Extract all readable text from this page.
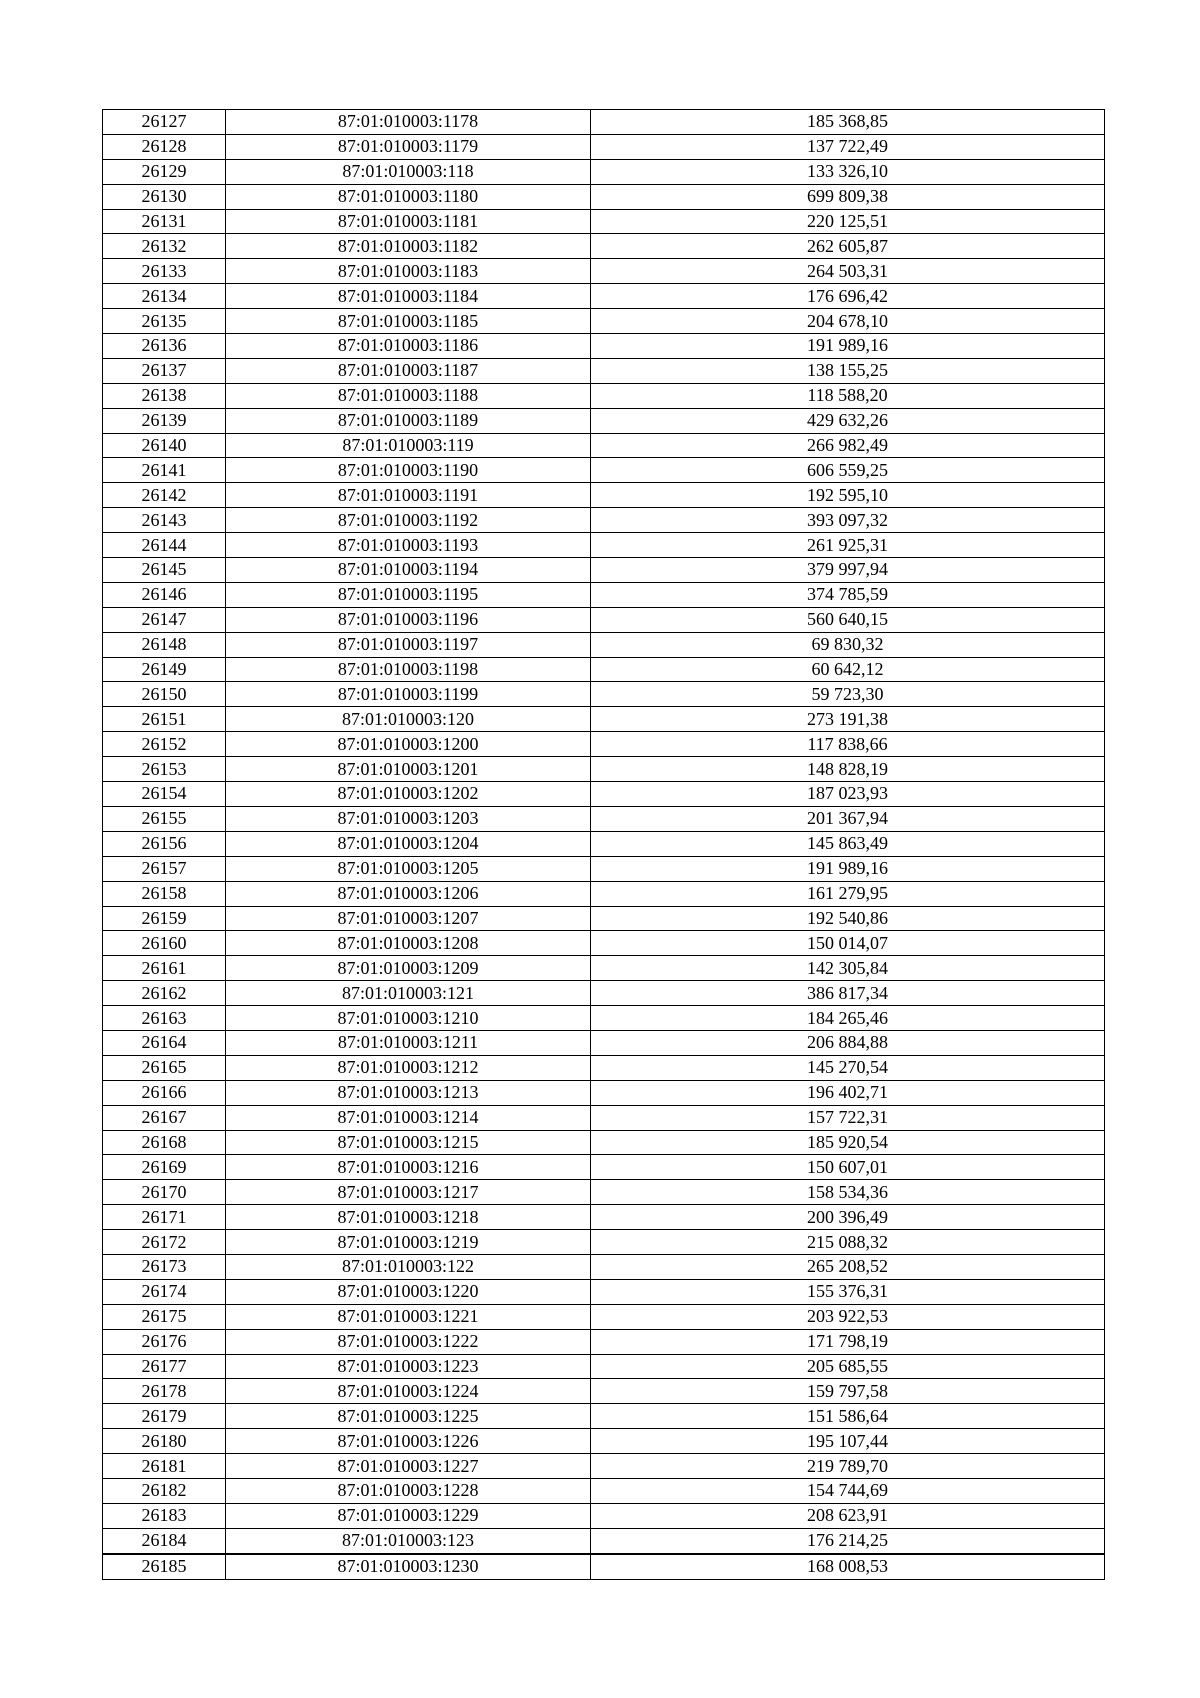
26127	87:01:010003:1178	185 368,85
26128	87:01:010003:1179	137 722,49
26129	87:01:010003:118	133 326,10
26130	87:01:010003:1180	699 809,38
26131	87:01:010003:1181	220 125,51
26132	87:01:010003:1182	262 605,87
26133	87:01:010003:1183	264 503,31
26134	87:01:010003:1184	176 696,42
26135	87:01:010003:1185	204 678,10
26136	87:01:010003:1186	191 989,16
26137	87:01:010003:1187	138 155,25
26138	87:01:010003:1188	118 588,20
26139	87:01:010003:1189	429 632,26
26140	87:01:010003:119	266 982,49
26141	87:01:010003:1190	606 559,25
26142	87:01:010003:1191	192 595,10
26143	87:01:010003:1192	393 097,32
26144	87:01:010003:1193	261 925,31
26145	87:01:010003:1194	379 997,94
26146	87:01:010003:1195	374 785,59
26147	87:01:010003:1196	560 640,15
26148	87:01:010003:1197	69 830,32
26149	87:01:010003:1198	60 642,12
26150	87:01:010003:1199	59 723,30
26151	87:01:010003:120	273 191,38
26152	87:01:010003:1200	117 838,66
26153	87:01:010003:1201	148 828,19
26154	87:01:010003:1202	187 023,93
26155	87:01:010003:1203	201 367,94
26156	87:01:010003:1204	145 863,49
26157	87:01:010003:1205	191 989,16
26158	87:01:010003:1206	161 279,95
26159	87:01:010003:1207	192 540,86
26160	87:01:010003:1208	150 014,07
26161	87:01:010003:1209	142 305,84
26162	87:01:010003:121	386 817,34
26163	87:01:010003:1210	184 265,46
26164	87:01:010003:1211	206 884,88
26165	87:01:010003:1212	145 270,54
26166	87:01:010003:1213	196 402,71
26167	87:01:010003:1214	157 722,31
26168	87:01:010003:1215	185 920,54
26169	87:01:010003:1216	150 607,01
26170	87:01:010003:1217	158 534,36
26171	87:01:010003:1218	200 396,49
26172	87:01:010003:1219	215 088,32
26173	87:01:010003:122	265 208,52
26174	87:01:010003:1220	155 376,31
26175	87:01:010003:1221	203 922,53
26176	87:01:010003:1222	171 798,19
26177	87:01:010003:1223	205 685,55
26178	87:01:010003:1224	159 797,58
26179	87:01:010003:1225	151 586,64
26180	87:01:010003:1226	195 107,44
26181	87:01:010003:1227	219 789,70
26182	87:01:010003:1228	154 744,69
26183	87:01:010003:1229	208 623,91
26184	87:01:010003:123	176 214,25
26185	87:01:010003:1230	168 008,53
